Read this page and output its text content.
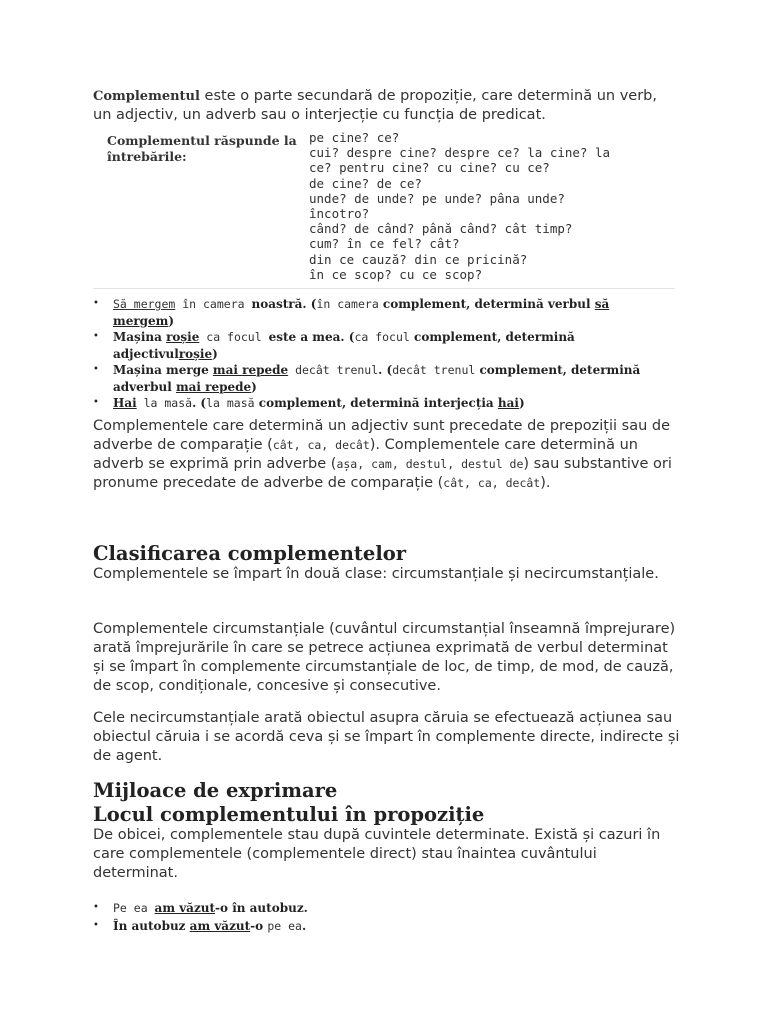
Complementul este o parte secundară de propoziție, care determină un verb, un adjectiv, un adverb sau o interjecție cu funcția de predicat.
Complementul răspunde la întrebările:
pe cine? ce?
cui? despre cine? despre ce? la cine? la
ce? pentru cine? cu cine? cu ce?
de cine? de ce?
unde? de unde? pe unde? pâna unde?
încotro?
când? de când? până când? cât timp?
cum? în ce fel? cât?
din ce cauză? din ce pricină?
în ce scop? cu ce scop?
• Să mergem în camera noastră. (în camera complement, determină verbul să mergem)
• Mașina roșie ca focul este a mea. (ca focul complement, determină adjectivulroșie)
• Mașina merge mai repede decât trenul. (decât trenul complement, determină adverbul mai repede)
• Hai la masă. (la masă complement, determină interjecția hai)
Complementele care determină un adjectiv sunt precedate de prepoziții sau de adverbe de comparație (cât, ca, decât). Complementele care determină un adverb se exprimă prin adverbe (așa, cam, destul, destul de) sau substantive ori pronume precedate de adverbe de comparație (cât, ca, decât).
Clasificarea complementelor
Complementele se împart în două clase: circumstanțiale și necircumstanțiale.
Complementele circumstanțiale (cuvântul circumstanțial înseamnă împrejurare) arată împrejurările în care se petrece acțiunea exprimată de verbul determinat și se împart în complemente circumstanțiale de loc, de timp, de mod, de cauză, de scop, condiționale, concesive și consecutive.
Cele necircumstanțiale arată obiectul asupra căruia se efectuează acțiunea sau obiectul căruia i se acordă ceva și se împart în complemente directe, indirecte și de agent.
Mijloace de exprimare
Locul complementului în propoziție
De obicei, complementele stau după cuvintele determinate. Există și cazuri în care complementele (complementele direct) stau înaintea cuvântului determinat.
• Pe ea am văzut-o în autobuz.
• În autobuz am văzut-o pe ea.
